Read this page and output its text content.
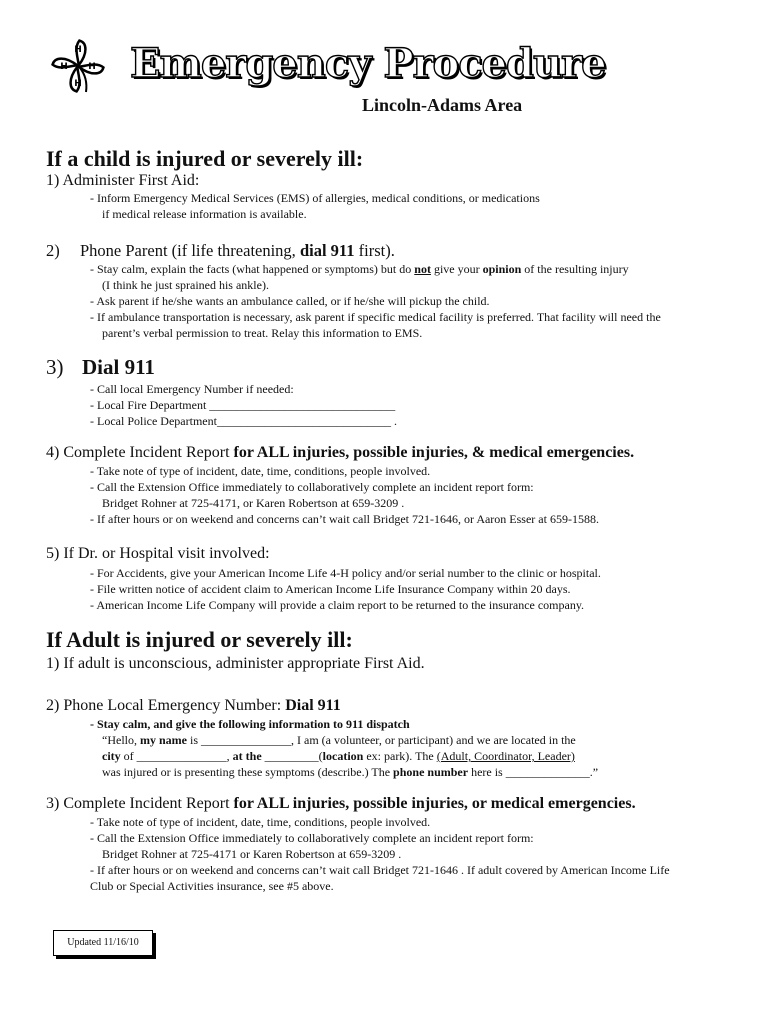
H
H
H
H Emergency Procedure
Lincoln-Adams Area
If a child is injured or severely ill:
1) Administer First Aid:
- Inform Emergency Medical Services (EMS) of allergies, medical conditions, or medications
if medical release information is available.
2) Phone Parent (if life threatening, dial 911 first).
- Stay calm, explain the facts (what happened or symptoms) but do not give your opinion of the resulting injury
(I think he just sprained his ankle).
- Ask parent if he/she wants an ambulance called, or if he/she will pickup the child.
- If ambulance transportation is necessary, ask parent if specific medical facility is preferred. That facility will need the
parent’s verbal permission to treat. Relay this information to EMS.
3) Dial 911
- Call local Emergency Number if needed:
- Local Fire Department _______________________________
- Local Police Department_____________________________ .
4) Complete Incident Report for ALL injuries, possible injuries, & medical emergencies.
- Take note of type of incident, date, time, conditions, people involved.
- Call the Extension Office immediately to collaboratively complete an incident report form:
Bridget Rohner at 725-4171, or Karen Robertson at 659-3209 .
- If after hours or on weekend and concerns can’t wait call Bridget 721-1646, or Aaron Esser at 659-1588.
5) If Dr. or Hospital visit involved:
- For Accidents, give your American Income Life 4-H policy and/or serial number to the clinic or hospital.
- File written notice of accident claim to American Income Life Insurance Company within 20 days.
- American Income Life Company will provide a claim report to be returned to the insurance company.
If Adult is injured or severely ill:
1) If adult is unconscious, administer appropriate First Aid.
2) Phone Local Emergency Number: Dial 911
- Stay calm, and give the following information to 911 dispatch
“Hello, my name is _______________, I am (a volunteer, or participant) and we are located in the
city of _______________, at the _________(location ex: park). The (Adult, Coordinator, Leader)
was injured or is presenting these symptoms (describe.) The phone number here is ______________.”
3) Complete Incident Report for ALL injuries, possible injuries, or medical emergencies.
- Take note of type of incident, date, time, conditions, people involved.
- Call the Extension Office immediately to collaboratively complete an incident report form:
Bridget Rohner at 725-4171 or Karen Robertson at 659-3209 .
- If after hours or on weekend and concerns can’t wait call Bridget 721-1646 . If adult covered by American Income Life
Club or Special Activities insurance, see #5 above.
Updated 11/16/10
